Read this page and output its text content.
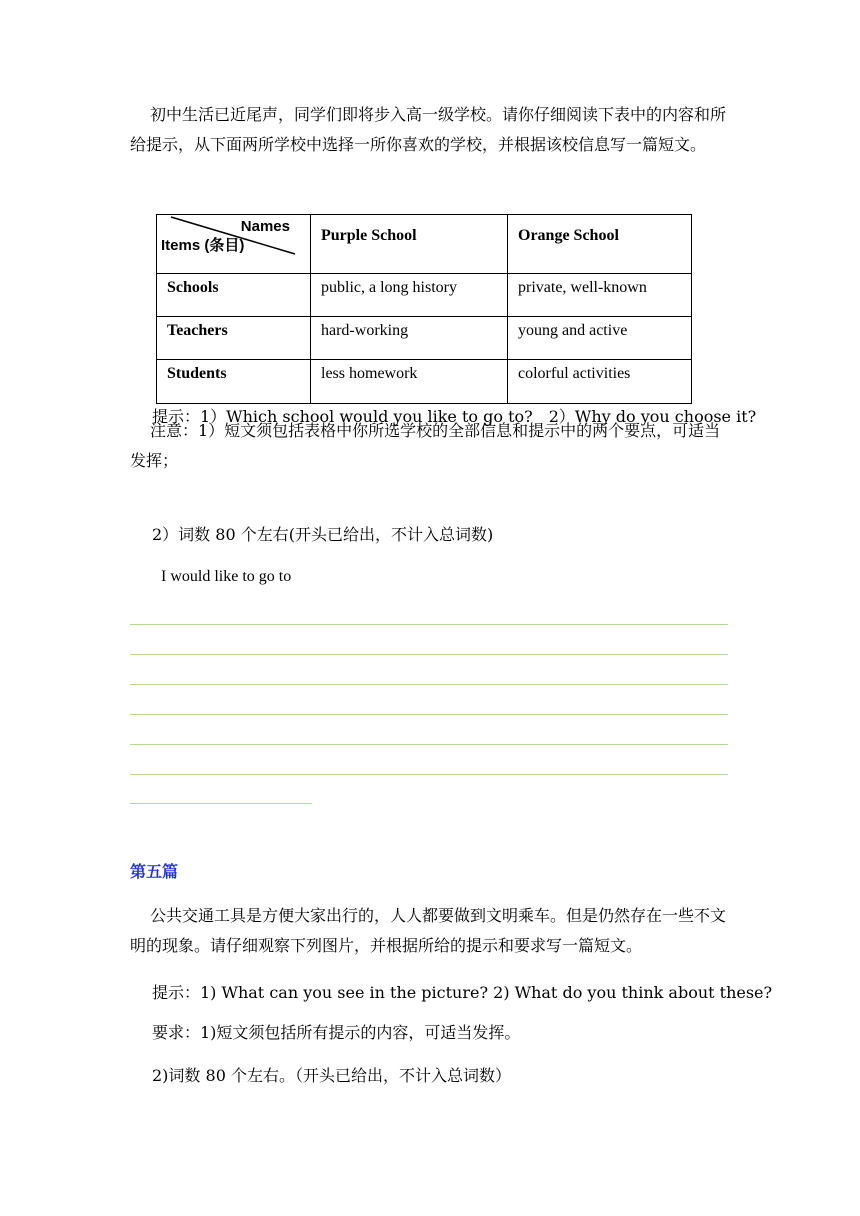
初中生活已近尾声，同学们即将步入高一级学校。请你仔细阅读下表中的内容和所给提示，从下面两所学校中选择一所你喜欢的学校，并根据该校信息写一篇短文。

Names
Items (条目)	Purple School	Orange School
Schools	public, a long history	private, well-known
Teachers	hard-working	young and active
Students	less homework	colorful activities

提示：1）Which school would you like to go to?　2）Why do you choose it?

注意：1）短文须包括表格中你所选学校的全部信息和提示中的两个要点，可适当发挥；

2）词数 80 个左右(开头已给出，不计入总词数)

I would like to go to

第五篇

公共交通工具是方便大家出行的，人人都要做到文明乘车。但是仍然存在一些不文明的现象。请仔细观察下列图片，并根据所给的提示和要求写一篇短文。

提示：1) What can you see in the picture? 2) What do you think about these?

要求：1)短文须包括所有提示的内容，可适当发挥。

2)词数 80 个左右。（开头已给出，不计入总词数）
